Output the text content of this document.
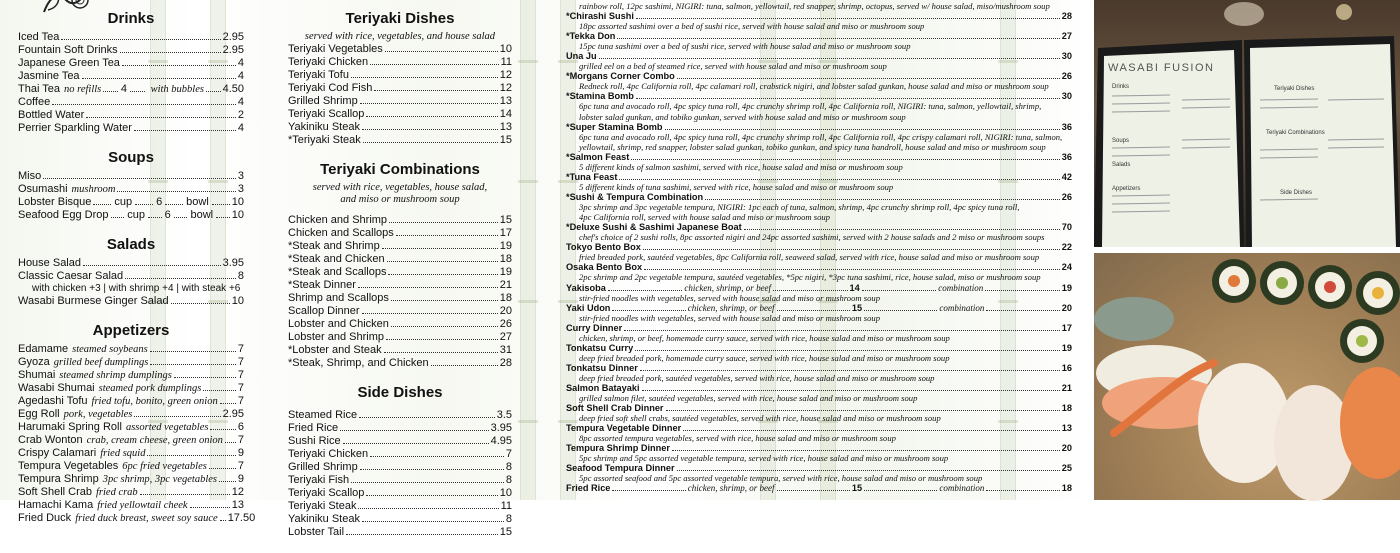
Drinks
Iced Tea	2.95
Fountain Soft Drinks	2.95
Japanese Green Tea	4
Jasmine Tea	4
Thai Tea no refills 4 with bubbles 4.50
Coffee	4
Bottled Water	2
Perrier Sparkling Water	4
Soups
Miso	3
Osumashi mushroom	3
Lobster Bisque cup 6 bowl 10
Seafood Egg Drop cup 6 bowl 10
Salads
House Salad	3.95
Classic Caesar Salad	8
with chicken +3 | with shrimp +4 | with steak +6
Wasabi Burmese Ginger Salad	10
Appetizers
Edamame steamed soybeans	7
Gyoza grilled beef dumplings	7
Shumai steamed shrimp dumplings	7
Wasabi Shumai steamed pork dumplings	7
Agedashi Tofu fried tofu, bonito, green onion 7
Egg Roll pork, vegetables	2.95
Harumaki Spring Roll assorted vegetables	6
Crab Wonton crab, cream cheese, green onion 7
Crispy Calamari fried squid	9
Tempura Vegetables 6pc fried vegetables	7
Tempura Shrimp 3pc shrimp, 3pc vegetables 9
Soft Shell Crab fried crab	12
Hamachi Kama fried yellowtail cheek	13
Fried Duck fried duck breast, sweet soy sauce 17.50
Teriyaki Dishes
served with rice, vegetables, and house salad
Teriyaki Vegetables	10
Teriyaki Chicken	11
Teriyaki Tofu	12
Teriyaki Cod Fish	12
Grilled Shrimp	13
Teriyaki Scallop	14
Yakiniku Steak	13
*Teriyaki Steak	15
Teriyaki Combinations
served with rice, vegetables, house salad,
and miso or mushroom soup
Chicken and Shrimp	15
Chicken and Scallops	17
*Steak and Shrimp	19
*Steak and Chicken	18
*Steak and Scallops	19
*Steak Dinner	21
Shrimp and Scallops	18
Scallop Dinner	20
Lobster and Chicken	26
Lobster and Shrimp	27
*Lobster and Steak	31
*Steak, Shrimp, and Chicken	28
Side Dishes
Steamed Rice	3.5
Fried Rice	3.95
Sushi Rice	4.95
Teriyaki Chicken	7
Grilled Shrimp	8
Teriyaki Fish	8
Teriyaki Scallop	10
Teriyaki Steak	11
Yakiniku Steak	8
Lobster Tail	15
rainbow roll, 12pc sashimi, NIGIRI: tuna, salmon, yellowtail, red snapper, shrimp, octopus, served w/ house salad, miso/mushroom soup
*Chirashi Sushi	28
18pc assorted sashimi over a bed of sushi rice, served with house salad and miso or mushroom soup
*Tekka Don	27
15pc tuna sashimi over a bed of sushi rice, served with house salad and miso or mushroom soup
Una Ju	30
grilled eel on a bed of steamed rice, served with house salad and miso or mushroom soup
*Morgans Corner Combo	26
Redneck roll, 4pc California roll, 4pc calamari roll, crabstick nigiri, and lobster salad gunkan, house salad and miso or mushroom soup
*Stamina Bomb	30
6pc tuna and avocado roll, 4pc spicy tuna roll, 4pc crunchy shrimp roll, 4pc California roll, NIGIRI: tuna, salmon, yellowtail, shrimp,
lobster salad gunkan, and tobiko gunkan, served with house salad and miso or mushroom soup
*Super Stamina Bomb	36
6pc tuna and avocado roll, 4pc spicy tuna roll, 4pc crunchy shrimp roll, 4pc California roll, 4pc crispy calamari roll, NIGIRI: tuna, salmon,
yellowtail, shrimp, red snapper, lobster salad gunkan, tobiko gunkan, and spicy tuna handroll, house salad and miso or mushroom soup
*Salmon Feast	36
5 different kinds of salmon sashimi, served with rice, house salad and miso or mushroom soup
*Tuna Feast	42
5 different kinds of tuna sashimi, served with rice, house salad and miso or mushroom soup
*Sushi & Tempura Combination	26
3pc shrimp and 3pc vegetable tempura, NIGIRI: 1pc each of tuna, salmon, shrimp, 4pc crunchy shrimp roll, 4pc spicy tuna roll,
4pc California roll, served with house salad and miso or mushroom soup
*Deluxe Sushi & Sashimi Japanese Boat	70
chef's choice of 2 sushi rolls, 8pc assorted nigiri and 24pc assorted sashimi, served with 2 house salads and 2 miso or mushroom soups
Tokyo Bento Box	22
fried breaded pork, sautéed vegetables, 8pc California roll, seaweed salad, served with rice, house salad and miso or mushroom soup
Osaka Bento Box	24
2pc shrimp and 2pc vegetable tempura, sautéed vegetables, *5pc nigiri, *3pc tuna sashimi, rice, house salad, miso or mushroom soup
Yakisoba	chicken, shrimp, or beef	14	combination	19
stir-fried noodles with vegetables, served with house salad and miso or mushroom soup
Yaki Udon	chicken, shrimp, or beef	15	combination	20
stir-fried noodles with vegetables, served with house salad and miso or mushroom soup
Curry Dinner	17
chicken, shrimp, or beef, homemade curry sauce, served with rice, house salad and miso or mushroom soup
Tonkatsu Curry	19
deep fried breaded pork, homemade curry sauce, served with rice, house salad and miso or mushroom soup
Tonkatsu Dinner	16
deep fried breaded pork, sautéed vegetables, served with rice, house salad and miso or mushroom soup
Salmon Batayaki	21
grilled salmon filet, sautéed vegetables, served with rice, house salad and miso or mushroom soup
Soft Shell Crab Dinner	18
deep fried soft shell crabs, sautéed vegetables, served with rice, house salad and miso or mushroom soup
Tempura Vegetable Dinner	13
8pc assorted tempura vegetables, served with rice, house salad and miso or mushroom soup
Tempura Shrimp Dinner	20
5pc shrimp and 5pc assorted vegetable tempura, served with rice, house salad and miso or mushroom soup
Seafood Tempura Dinner	25
5pc assorted seafood and 5pc assorted vegetable tempura, served with rice, house salad and miso or mushroom soup
Fried Rice	chicken, shrimp, or beef	15	combination	18
WASABI FUSION
Drinks
Soups
Salads
Appetizers
Teriyaki Dishes
Teriyaki Combinations
Side Dishes
